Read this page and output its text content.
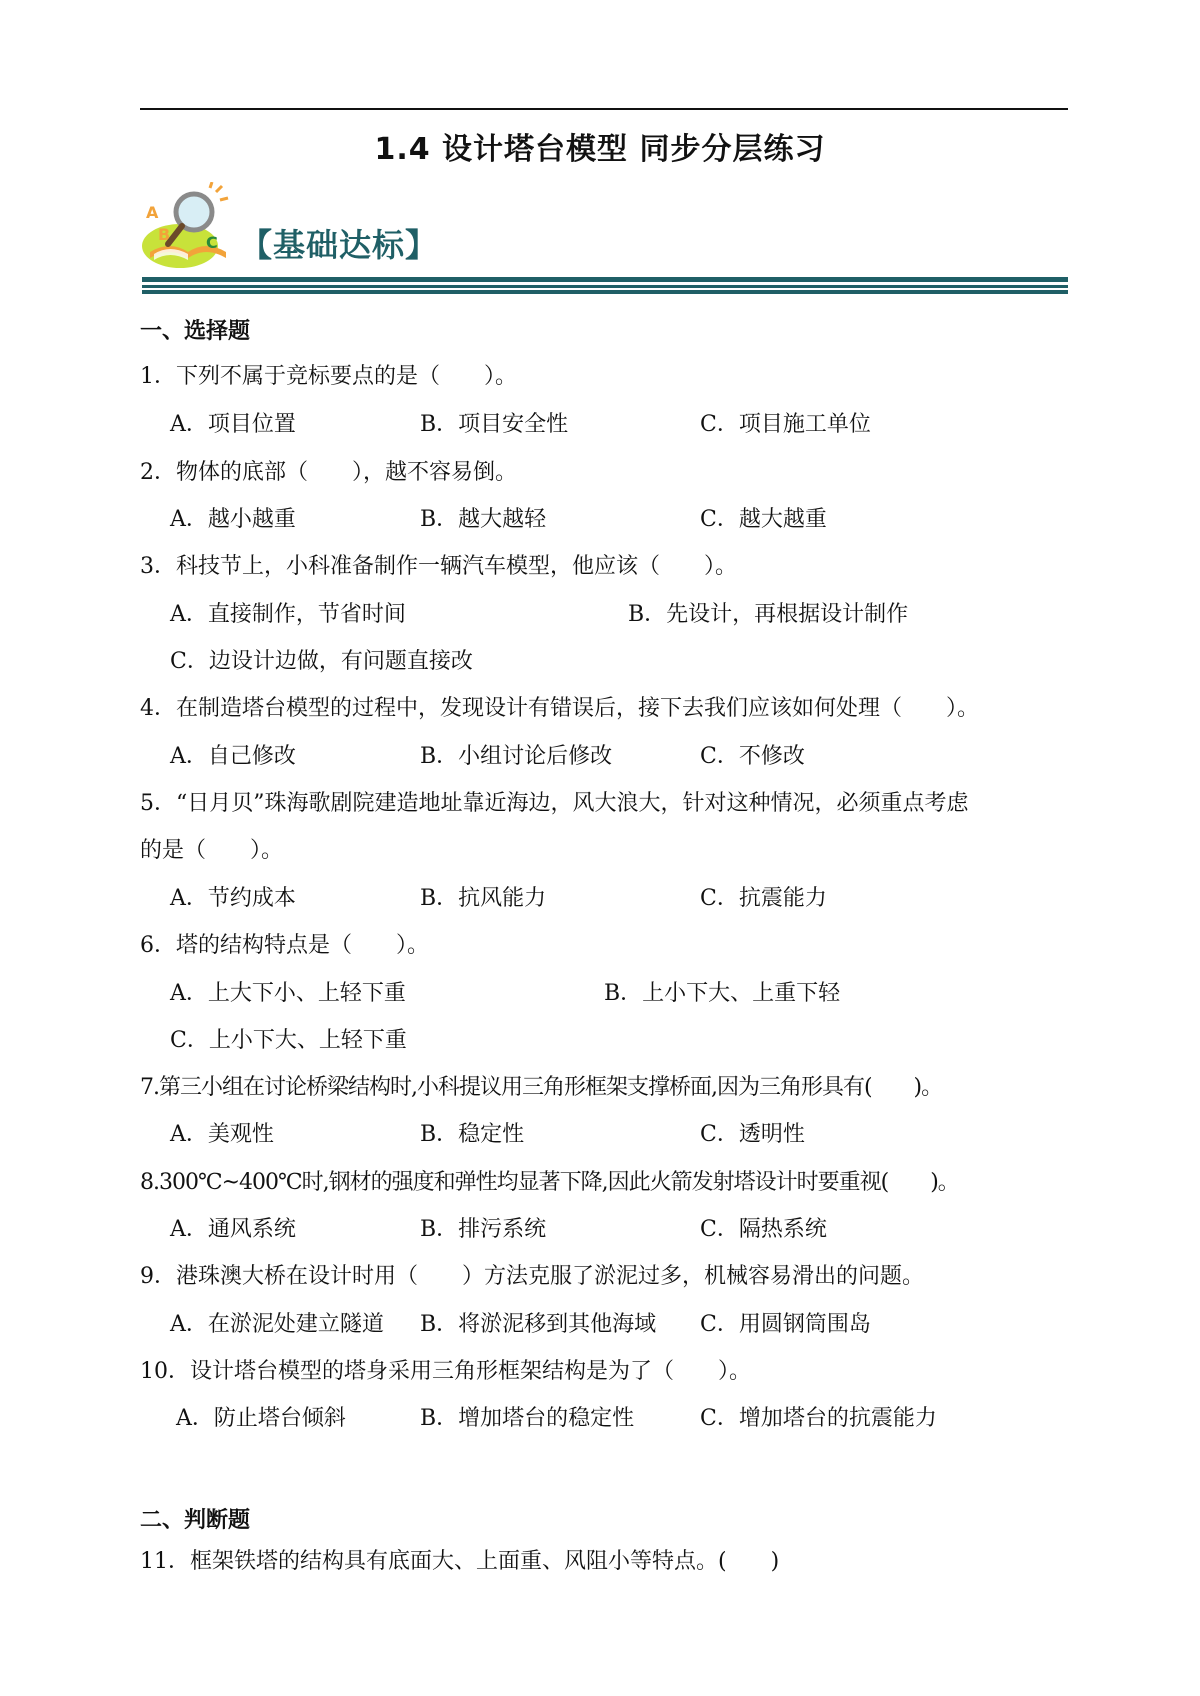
1.4 设计塔台模型 同步分层练习
A
B C 【基础达标】
一、选择题
1．下列不属于竞标要点的是（　　）。
A．项目位置	B．项目安全性	C．项目施工单位
2．物体的底部（　　），越不容易倒。
A．越小越重	B．越大越轻	C．越大越重
3．科技节上，小科准备制作一辆汽车模型，他应该（　　）。
A．直接制作，节省时间	B．先设计，再根据设计制作
C．边设计边做，有问题直接改
4．在制造塔台模型的过程中，发现设计有错误后，接下去我们应该如何处理（　　）。
A．自己修改	B．小组讨论后修改	C．不修改
5．“日月贝”珠海歌剧院建造地址靠近海边，风大浪大，针对这种情况，必须重点考虑
的是（　　）。
A．节约成本	B．抗风能力	C．抗震能力
6．塔的结构特点是（　　）。
A．上大下小、上轻下重	B．上小下大、上重下轻
C．上小下大、上轻下重
7.第三小组在讨论桥梁结构时,小科提议用三角形框架支撑桥面,因为三角形具有(　　)。
A．美观性	B．稳定性	C．透明性
8.300℃~400℃时,钢材的强度和弹性均显著下降,因此火箭发射塔设计时要重视(　　)。
A．通风系统	B．排污系统	C．隔热系统
9．港珠澳大桥在设计时用（　　）方法克服了淤泥过多，机械容易滑出的问题。
A．在淤泥处建立隧道 B．将淤泥移到其他海域 C．用圆钢筒围岛
10．设计塔台模型的塔身采用三角形框架结构是为了（　　）。
A．防止塔台倾斜	B．增加塔台的稳定性	C．增加塔台的抗震能力
二、判断题
11．框架铁塔的结构具有底面大、上面重、风阻小等特点。(　　)
